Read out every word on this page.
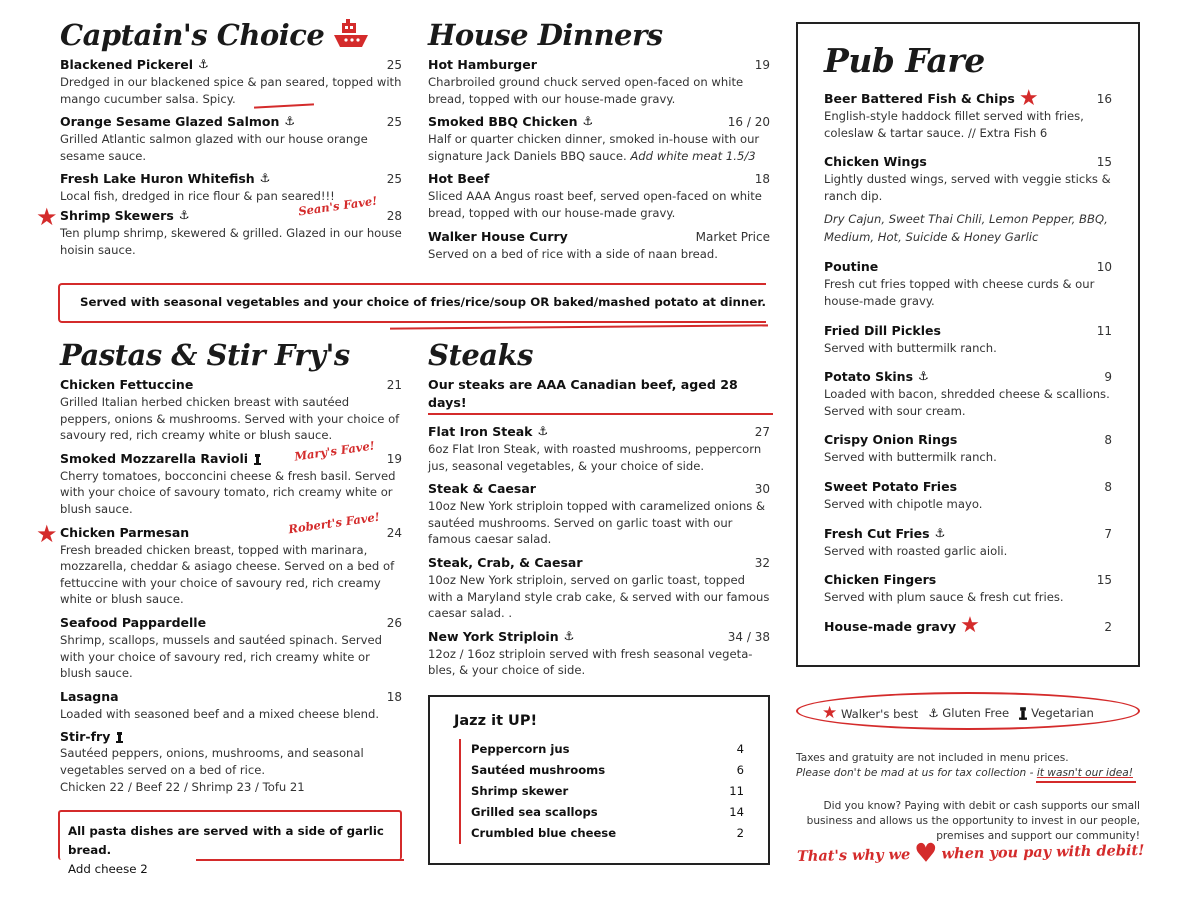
Captain's Choice
Blackened Pickerel ⚓	25
Dredged in our blackened spice & pan seared, topped with mango cucumber salsa. Spicy.
Orange Sesame Glazed Salmon ⚓	25
Grilled Atlantic salmon glazed with our house orange sesame sauce.
Fresh Lake Huron Whitefish ⚓	25
Local fish, dredged in rice flour & pan seared!!!
★	Sean's Fave!
Shrimp Skewers ⚓	28
Ten plump shrimp, skewered & grilled. Glazed in our house hoisin sauce.
House Dinners
Hot Hamburger	19
Charbroiled ground chuck served open-faced on white bread, topped with our house-made gravy.
Smoked BBQ Chicken ⚓	16 / 20
Half or quarter chicken dinner, smoked in-house with our signature Jack Daniels BBQ sauce. Add white meat 1.5/3
Hot Beef	18
Sliced AAA Angus roast beef, served open-faced on white bread, topped with our house-made gravy.
Walker House Curry	Market Price
Served on a bed of rice with a side of naan bread.
Served with seasonal vegetables and your choice of fries/rice/soup OR baked/mashed potato at dinner.
Pastas & Stir Fry's
Chicken Fettuccine	21
Grilled Italian herbed chicken breast with sautéed peppers, onions & mushrooms. Served with your choice of savoury red, rich creamy white or blush sauce.
Mary's Fave!
Smoked Mozzarella Ravioli	19
Cherry tomatoes, bocconcini cheese & fresh basil. Served with your choice of savoury tomato, rich creamy white or blush sauce.
★	Robert's Fave!
Chicken Parmesan	24
Fresh breaded chicken breast, topped with marinara, mozzarella, cheddar & asiago cheese. Served on a bed of fettuccine with your choice of savoury red, rich creamy white or blush sauce.
Seafood Pappardelle	26
Shrimp, scallops, mussels and sautéed spinach. Served with your choice of savoury red, rich creamy white or blush sauce.
Lasagna	18
Loaded with seasoned beef and a mixed cheese blend.
Stir-fry
Sautéed peppers, onions, mushrooms, and seasonal vegetables served on a bed of rice.
Chicken 22 / Beef 22 / Shrimp 23 / Tofu 21
All pasta dishes are served with a side of garlic bread.
Add cheese 2
Steaks
Our steaks are AAA Canadian beef, aged 28 days!
Flat Iron Steak ⚓	27
6oz Flat Iron Steak, with roasted mushrooms, peppercorn jus, seasonal vegetables, & your choice of side.
Steak & Caesar	30
10oz New York striploin topped with caramelized onions & sautéed mushrooms. Served on garlic toast with our famous caesar salad.
Steak, Crab, & Caesar	32
10oz New York striploin, served on garlic toast, topped with a Maryland style crab cake, & served with our famous caesar salad. .
New York Striploin ⚓	34 / 38
12oz / 16oz striploin served with fresh seasonal vegeta-bles, & your choice of side.
Jazz it UP!
Peppercorn jus	4
Sautéed mushrooms	6
Shrimp skewer	11
Grilled sea scallops	14
Crumbled blue cheese	2
Pub Fare
Beer Battered Fish & Chips ★	16
English-style haddock fillet served with fries, coleslaw & tartar sauce. // Extra Fish 6
Chicken Wings	15
Lightly dusted wings, served with veggie sticks & ranch dip.
Dry Cajun, Sweet Thai Chili, Lemon Pepper, BBQ, Medium, Hot, Suicide & Honey Garlic
Poutine	10
Fresh cut fries topped with cheese curds & our house-made gravy.
Fried Dill Pickles	11
Served with buttermilk ranch.
Potato Skins ⚓	9
Loaded with bacon, shredded cheese & scallions. Served with sour cream.
Crispy Onion Rings	8
Served with buttermilk ranch.
Sweet Potato Fries	8
Served with chipotle mayo.
Fresh Cut Fries ⚓	7
Served with roasted garlic aioli.
Chicken Fingers	15
Served with plum sauce & fresh cut fries.
House-made gravy ★	2
★ Walker's best ⚓ Gluten Free Vegetarian
Taxes and gratuity are not included in menu prices.
Please don't be mad at us for tax collection - it wasn't our idea!
Did you know? Paying with debit or cash supports our small
business and allows us the opportunity to invest in our people,
premises and support our community!
That's why we ♥ when you pay with debit!
